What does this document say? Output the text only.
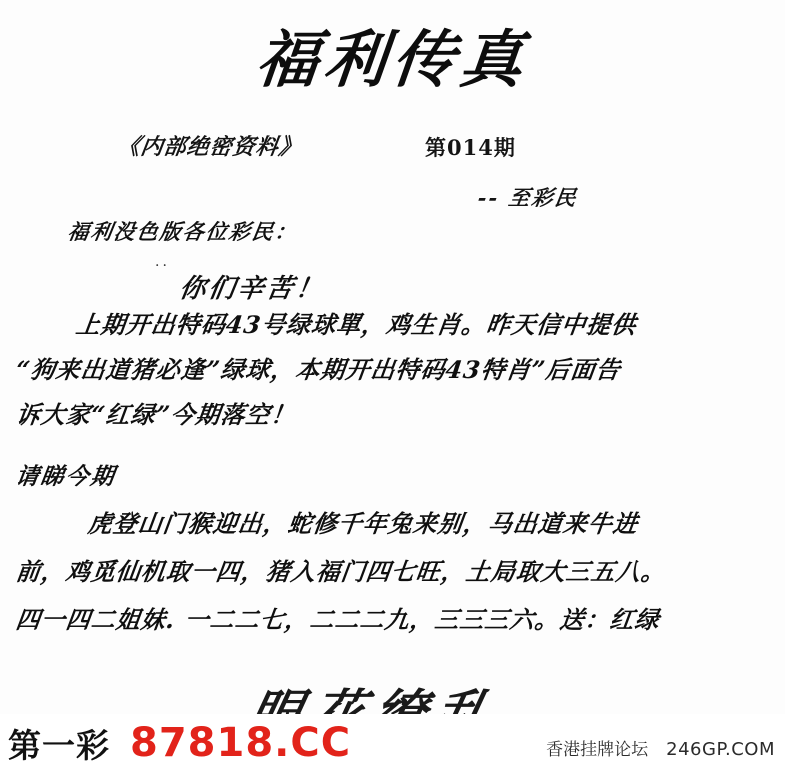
福利传真
《内部绝密资料》	第014期
-- 至彩民
福利没色版各位彩民：
··
你们辛苦！
上期开出特码43号绿球單，鸡生肖。昨天信中提供
“狗来出道猪必逢”绿球，本期开出特码43特肖”后面告
诉大家“红绿”今期落空！
请睇今期
虎登山门猴迎出，蛇修千年兔来别，马出道来牛进
前，鸡觅仙机取一四，猪入福门四七旺，土局取大三五八。
四一四二姐妹. 一二二七，二二二九，三三三六。送：红绿
第一彩 87818.CC	香港挂牌论坛 246GP.COM
